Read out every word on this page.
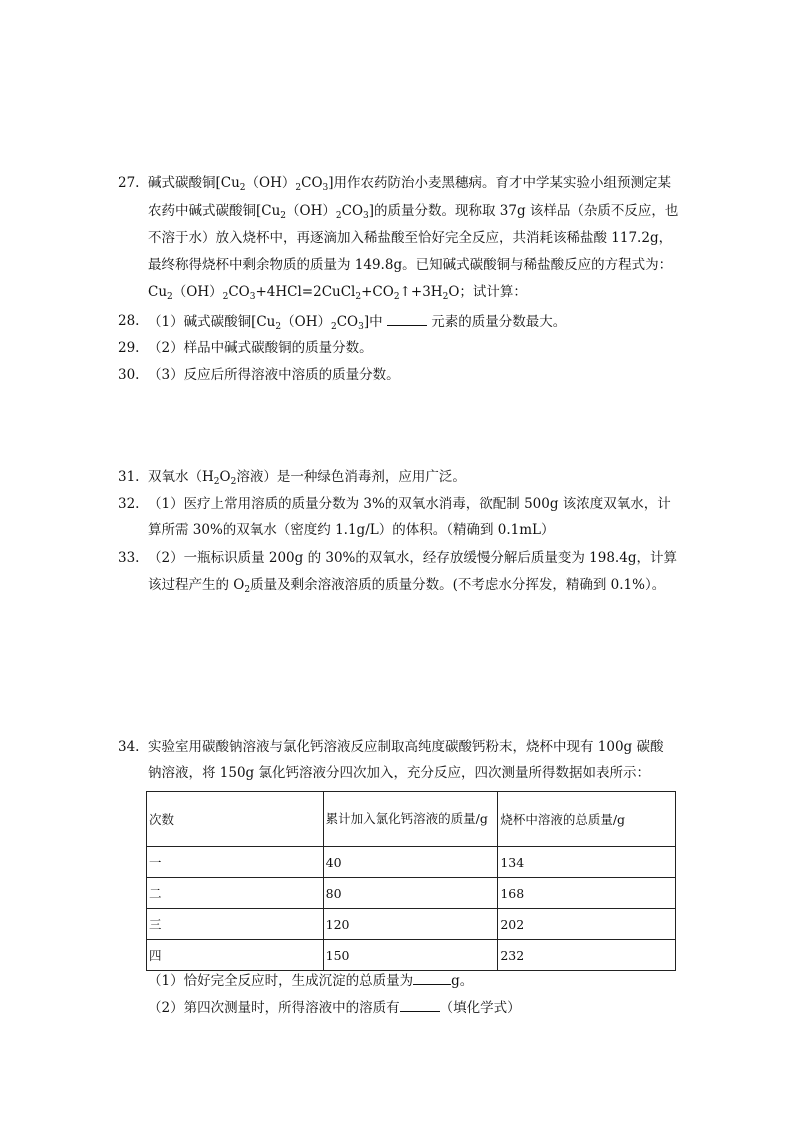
27. 碱式碳酸铜$[Cu_2(OH)_2CO_3]$用作农药防治小麦黑穗病。育才中学某实验小组预测定某
农药中碱式碳酸铜$[Cu_2(OH)_2CO_3]$的质量分数。现称取 37g 该样品（杂质不反应，也
不溶于水）放入烧杯中，再逐滴加入稀盐酸至恰好完全反应，共消耗该稀盐酸 117.2g，
最终称得烧杯中剩余物质的质量为 149.8g。已知碱式碳酸铜与稀盐酸反应的方程式为：
$Cu_2(OH)_2CO_3+4HCl=2CuCl_2+CO_2↑+3H_2O$；试计算：
28. （1）碱式碳酸铜$[Cu_2(OH)_2CO_3]$中	元素的质量分数最大。
29. （2）样品中碱式碳酸铜的质量分数。
30. （3）反应后所得溶液中溶质的质量分数。
31. 双氧水（$H_2O_2$溶液）是一种绿色消毒剂，应用广泛。
32. （1）医疗上常用溶质的质量分数为 3%的双氧水消毒，欲配制 500g 该浓度双氧水，计
算所需 30%的双氧水（密度约 1.1g/L）的体积。（精确到 0.1mL）
33. （2）一瓶标识质量 200g 的 30%的双氧水，经存放缓慢分解后质量变为 198.4g，计算
该过程产生的 $O_2$质量及剩余溶液溶质的质量分数。(不考虑水分挥发，精确到 0.1%）。
34. 实验室用碳酸钠溶液与氯化钙溶液反应制取高纯度碳酸钙粉末，烧杯中现有 100g 碳酸
钠溶液，将 150g 氯化钙溶液分四次加入，充分反应，四次测量所得数据如表所示：
次数	累计加入氯化钙溶液的质量/g	烧杯中溶液的总质量/g
一	40	134
二	80	168
三	120	202
四	150	232
（1）恰好完全反应时，生成沉淀的总质量为	g。
（2）第四次测量时，所得溶液中的溶质有	（填化学式）
